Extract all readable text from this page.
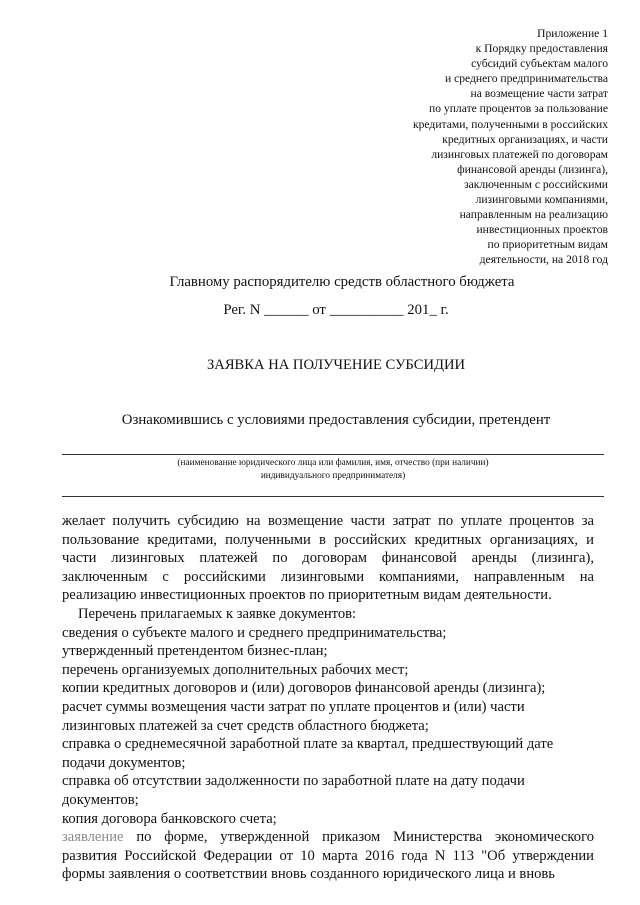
Приложение 1
к Порядку предоставления
субсидий субъектам малого
и среднего предпринимательства
на возмещение части затрат
по уплате процентов за пользование
кредитами, полученными в российских
кредитных организациях, и части
лизинговых платежей по договорам
финансовой аренды (лизинга),
заключенным с российскими
лизинговыми компаниями,
направленным на реализацию
инвестиционных проектов
по приоритетным видам
деятельности, на 2018 год
Главному распорядителю средств областного бюджета
Рег. N ______ от __________ 201_ г.
ЗАЯВКА НА ПОЛУЧЕНИЕ СУБСИДИИ
Ознакомившись с условиями предоставления субсидии, претендент
(наименование юридического лица или фамилия, имя, отчество (при наличии)
индивидуального предпринимателя)

желает получить субсидию на возмещение части затрат по уплате процентов за пользование кредитами, полученными в российских кредитных организациях, и части лизинговых платежей по договорам финансовой аренды (лизинга), заключенным с российскими лизинговыми компаниями, направленным на реализацию инвестиционных проектов по приоритетным видам деятельности.

Перечень прилагаемых к заявке документов:

сведения о субъекте малого и среднего предпринимательства;

утвержденный претендентом бизнес-план;

перечень организуемых дополнительных рабочих мест;

копии кредитных договоров и (или) договоров финансовой аренды (лизинга);

расчет суммы возмещения части затрат по уплате процентов и (или) части лизинговых платежей за счет средств областного бюджета;

справка о среднемесячной заработной плате за квартал, предшествующий дате подачи документов;

справка об отсутствии задолженности по заработной плате на дату подачи документов;

копия договора банковского счета;

заявление по форме, утвержденной приказом Министерства экономического развития Российской Федерации от 10 марта 2016 года N 113 "Об утверждении формы заявления о соответствии вновь созданного юридического лица и вновь
